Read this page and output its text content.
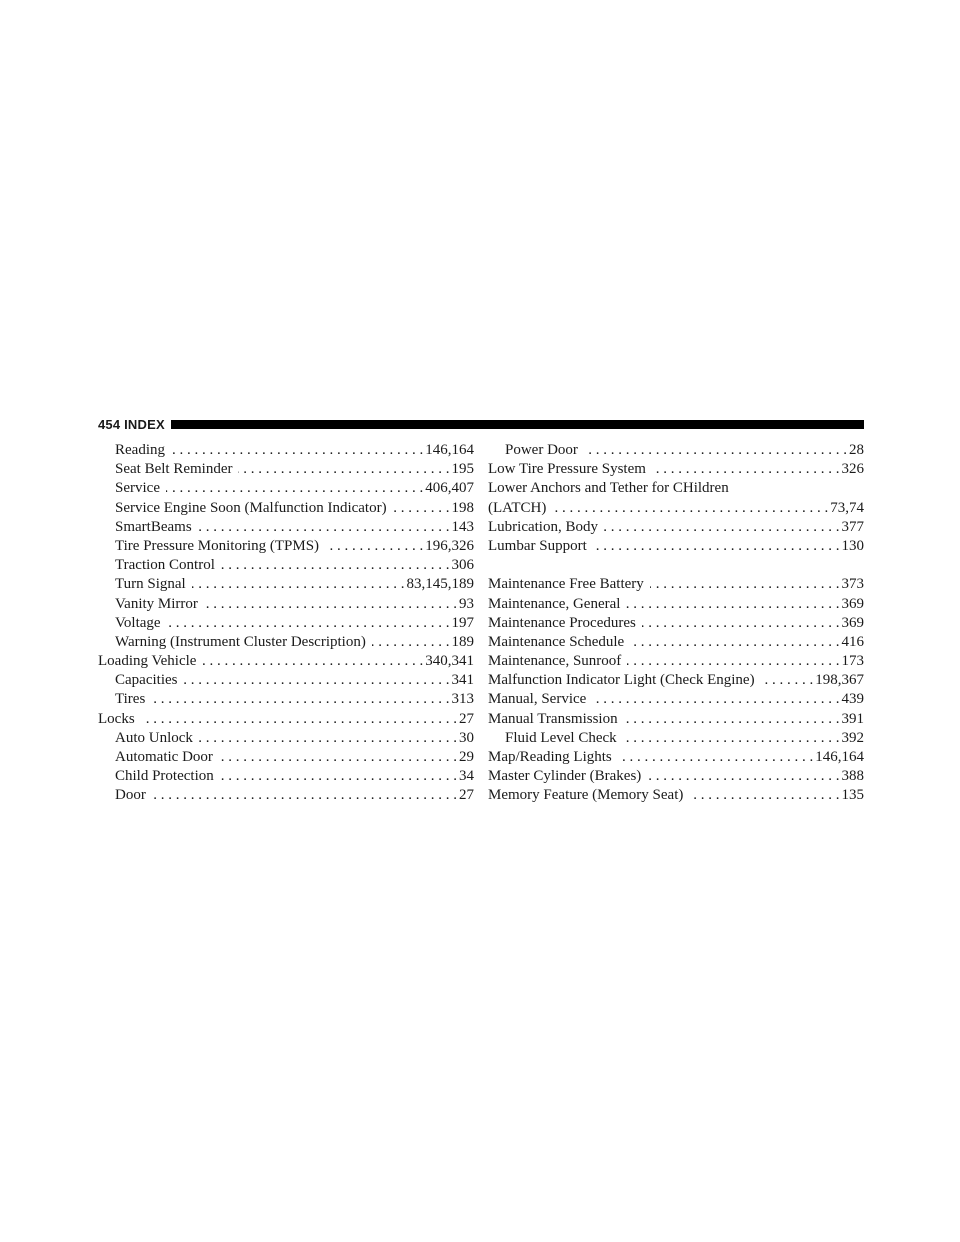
454 INDEX
Reading . . .	146,164
Seat Belt Reminder . . .	195
Service . . .	406,407
Service Engine Soon (Malfunction Indicator) . . .	198
SmartBeams . . .	143
Tire Pressure Monitoring (TPMS) . . .	196,326
Traction Control . . .	306
Turn Signal . . .	83,145,189
Vanity Mirror . . .	93
Voltage . . .	197
Warning (Instrument Cluster Description) . . .	189
Loading Vehicle . . .	340,341
Capacities . . .	341
Tires . . .	313
Locks . . .	27
Auto Unlock . . .	30
Automatic Door . . .	29
Child Protection . . .	34
Door . . .	27
Power Door . . .	28
Low Tire Pressure System . . .	326
Lower Anchors and Tether for CHildren
(LATCH) . . .	73,74
Lubrication, Body . . .	377
Lumbar Support . . .	130
Maintenance Free Battery . . .	373
Maintenance, General . . .	369
Maintenance Procedures . . .	369
Maintenance Schedule . . .	416
Maintenance, Sunroof . . .	173
Malfunction Indicator Light (Check Engine) . . .	198,367
Manual, Service . . .	439
Manual Transmission . . .	391
Fluid Level Check . . .	392
Map/Reading Lights . . .	146,164
Master Cylinder (Brakes) . . .	388
Memory Feature (Memory Seat) . . .	135
